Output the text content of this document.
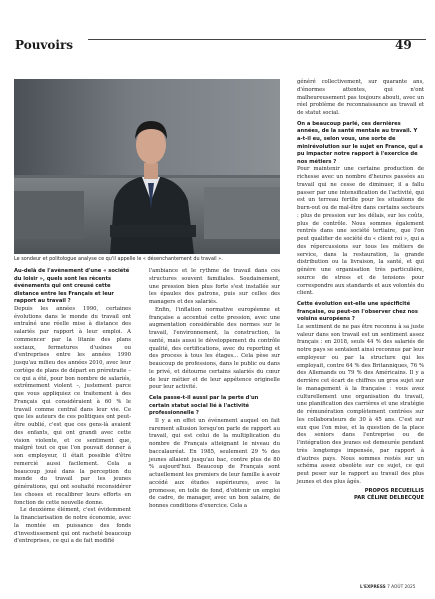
Pouvoirs	49
Le sondeur et politologue analyse ce qu'il appelle le « désenchantement du travail ».
Au-delà de l'avènement d'une « société du loisir », quels sont les récents événements qui ont creusé cette distance entre les Français et leur rapport au travail ?

Depuis les années 1990, certaines évolutions dans le monde du travail ont entraîné une réelle mise à distance des salariés par rapport à leur emploi. A commencer par la litanie des plans sociaux, fermetures d'usines ou d'entreprises entre les années 1990 jusqu'au milieu des années 2010, avec leur cortège de plans de départ en préretraite – ce qui a été, pour bon nombre de salariés, extrêmement violent –, justement parce que vous appliquiez ce traitement à des Français qui considéraient à 60 % le travail comme central dans leur vie. Ce que les auteurs de ces politiques ont peut-être oublié, c'est que ces gens-là avaient des enfants, qui ont grandi avec cette vision violente, et ce sentiment que, malgré tout ce que l'on pouvait donner à son employeur, il était possible d'être remercié aussi facilement. Cela a beaucoup joué dans la perception du monde du travail par les jeunes générations, qui ont souhaité reconsidérer les choses et recalibrer leurs efforts en fonction de cette nouvelle donne.

Le deuxième élément, c'est évidemment la financiarisation de notre économie, avec la montée en puissance des fonds d'investissement qui ont racheté beaucoup d'entreprises, ce qui a de fait modifié

l'ambiance et le rythme de travail dans ces structures souvent familiales. Soudainement, une pression bien plus forte s'est installée sur les épaules des patrons, puis sur celles des managers et des salariés.

Enfin, l'inflation normative européenne et française a accentué cette pression, avec une augmentation considérable des normes sur le travail, l'environnement, la construction, la santé, mais aussi le développement du contrôle qualité, des certifications, avec du reporting et des process à tous les étages... Cela pèse sur beaucoup de professions, dans le public ou dans le privé, et détourne certains salariés du cœur de leur métier et de leur appétence originelle pour leur activité.

Cela passe-t-il aussi par la perte d'un certain statut social lié à l'activité professionnelle ?

Il y a en effet un événement auquel on fait rarement allusion lorsqu'on parle de rapport au travail, qui est celui de la multiplication du nombre de Français atteignant le niveau du baccalauréat. En 1985, seulement 29 % des jeunes allaient jusqu'au bac, contre plus de 80 % aujourd'hui. Beaucoup de Français sont actuellement les premiers de leur famille à avoir accédé aux études supérieures, avec la promesse, en toile de fond, d'obtenir un emploi de cadre, de manager, avec un bon salaire, de bonnes conditions d'exercice. Cela a

généré collectivement, sur quarante ans, d'énormes attentes, qui n'ont malheureusement pas toujours abouti, avec un réel problème de reconnaissance au travail et de statut social.

On a beaucoup parlé, ces dernières années, de la santé mentale au travail. Y a-t-il eu, selon vous, une sorte de minirévolution sur le sujet en France, qui a pu impacter notre rapport à l'exercice de nos métiers ?

Pour maintenir une certaine production de richesse avec un nombre d'heures passées au travail qui ne cesse de diminuer, il a fallu passer par une intensification de l'activité, qui est un terreau fertile pour les situations de burn-out ou de mal-être dans certains secteurs : plus de pression sur les délais, sur les coûts, plus de contrôle. Nous sommes également rentrés dans une société tertiaire, que l'on peut qualifier de société du « client roi », qui a des répercussions sur tous les métiers de service, dans la restauration, la grande distribution ou la livraison, la santé, et qui génère une organisation très particulière, source de stress et de tensions pour correspondre aux standards et aux volontés du client.

Cette évolution est-elle une spécificité française, ou peut-on l'observer chez nos voisins européens ?

Le sentiment de ne pas être reconnu à sa juste valeur dans son travail est un sentiment assez français : en 2018, seuls 44 % des salariés de notre pays se sentaient ainsi reconnus par leur employeur ou par la structure qui les employait, contre 64 % des Britanniques, 76 % des Allemands ou 79 % des Américains. Il y a derrière cet écart de chiffres un gros sujet sur le management à la française : vous avez culturellement une organisation du travail, une planification des carrières et une stratégie de rémunération complètement centrées sur les collaborateurs de 30 à 45 ans. C'est sur eux que l'on mise, et la question de la place des seniors dans l'entreprise ou de l'intégration des jeunes est demeurée pendant très longtemps impensée, par rapport à d'autres pays. Nous sommes restés sur un schéma assez obsolète sur ce sujet, ce qui peut peser sur le rapport au travail des plus jeunes et des plus âgés.

PROPOS RECUEILLIS
PAR CÉLINE DELBECQUE
L'EXPRESS 7 AOÛT 2025
